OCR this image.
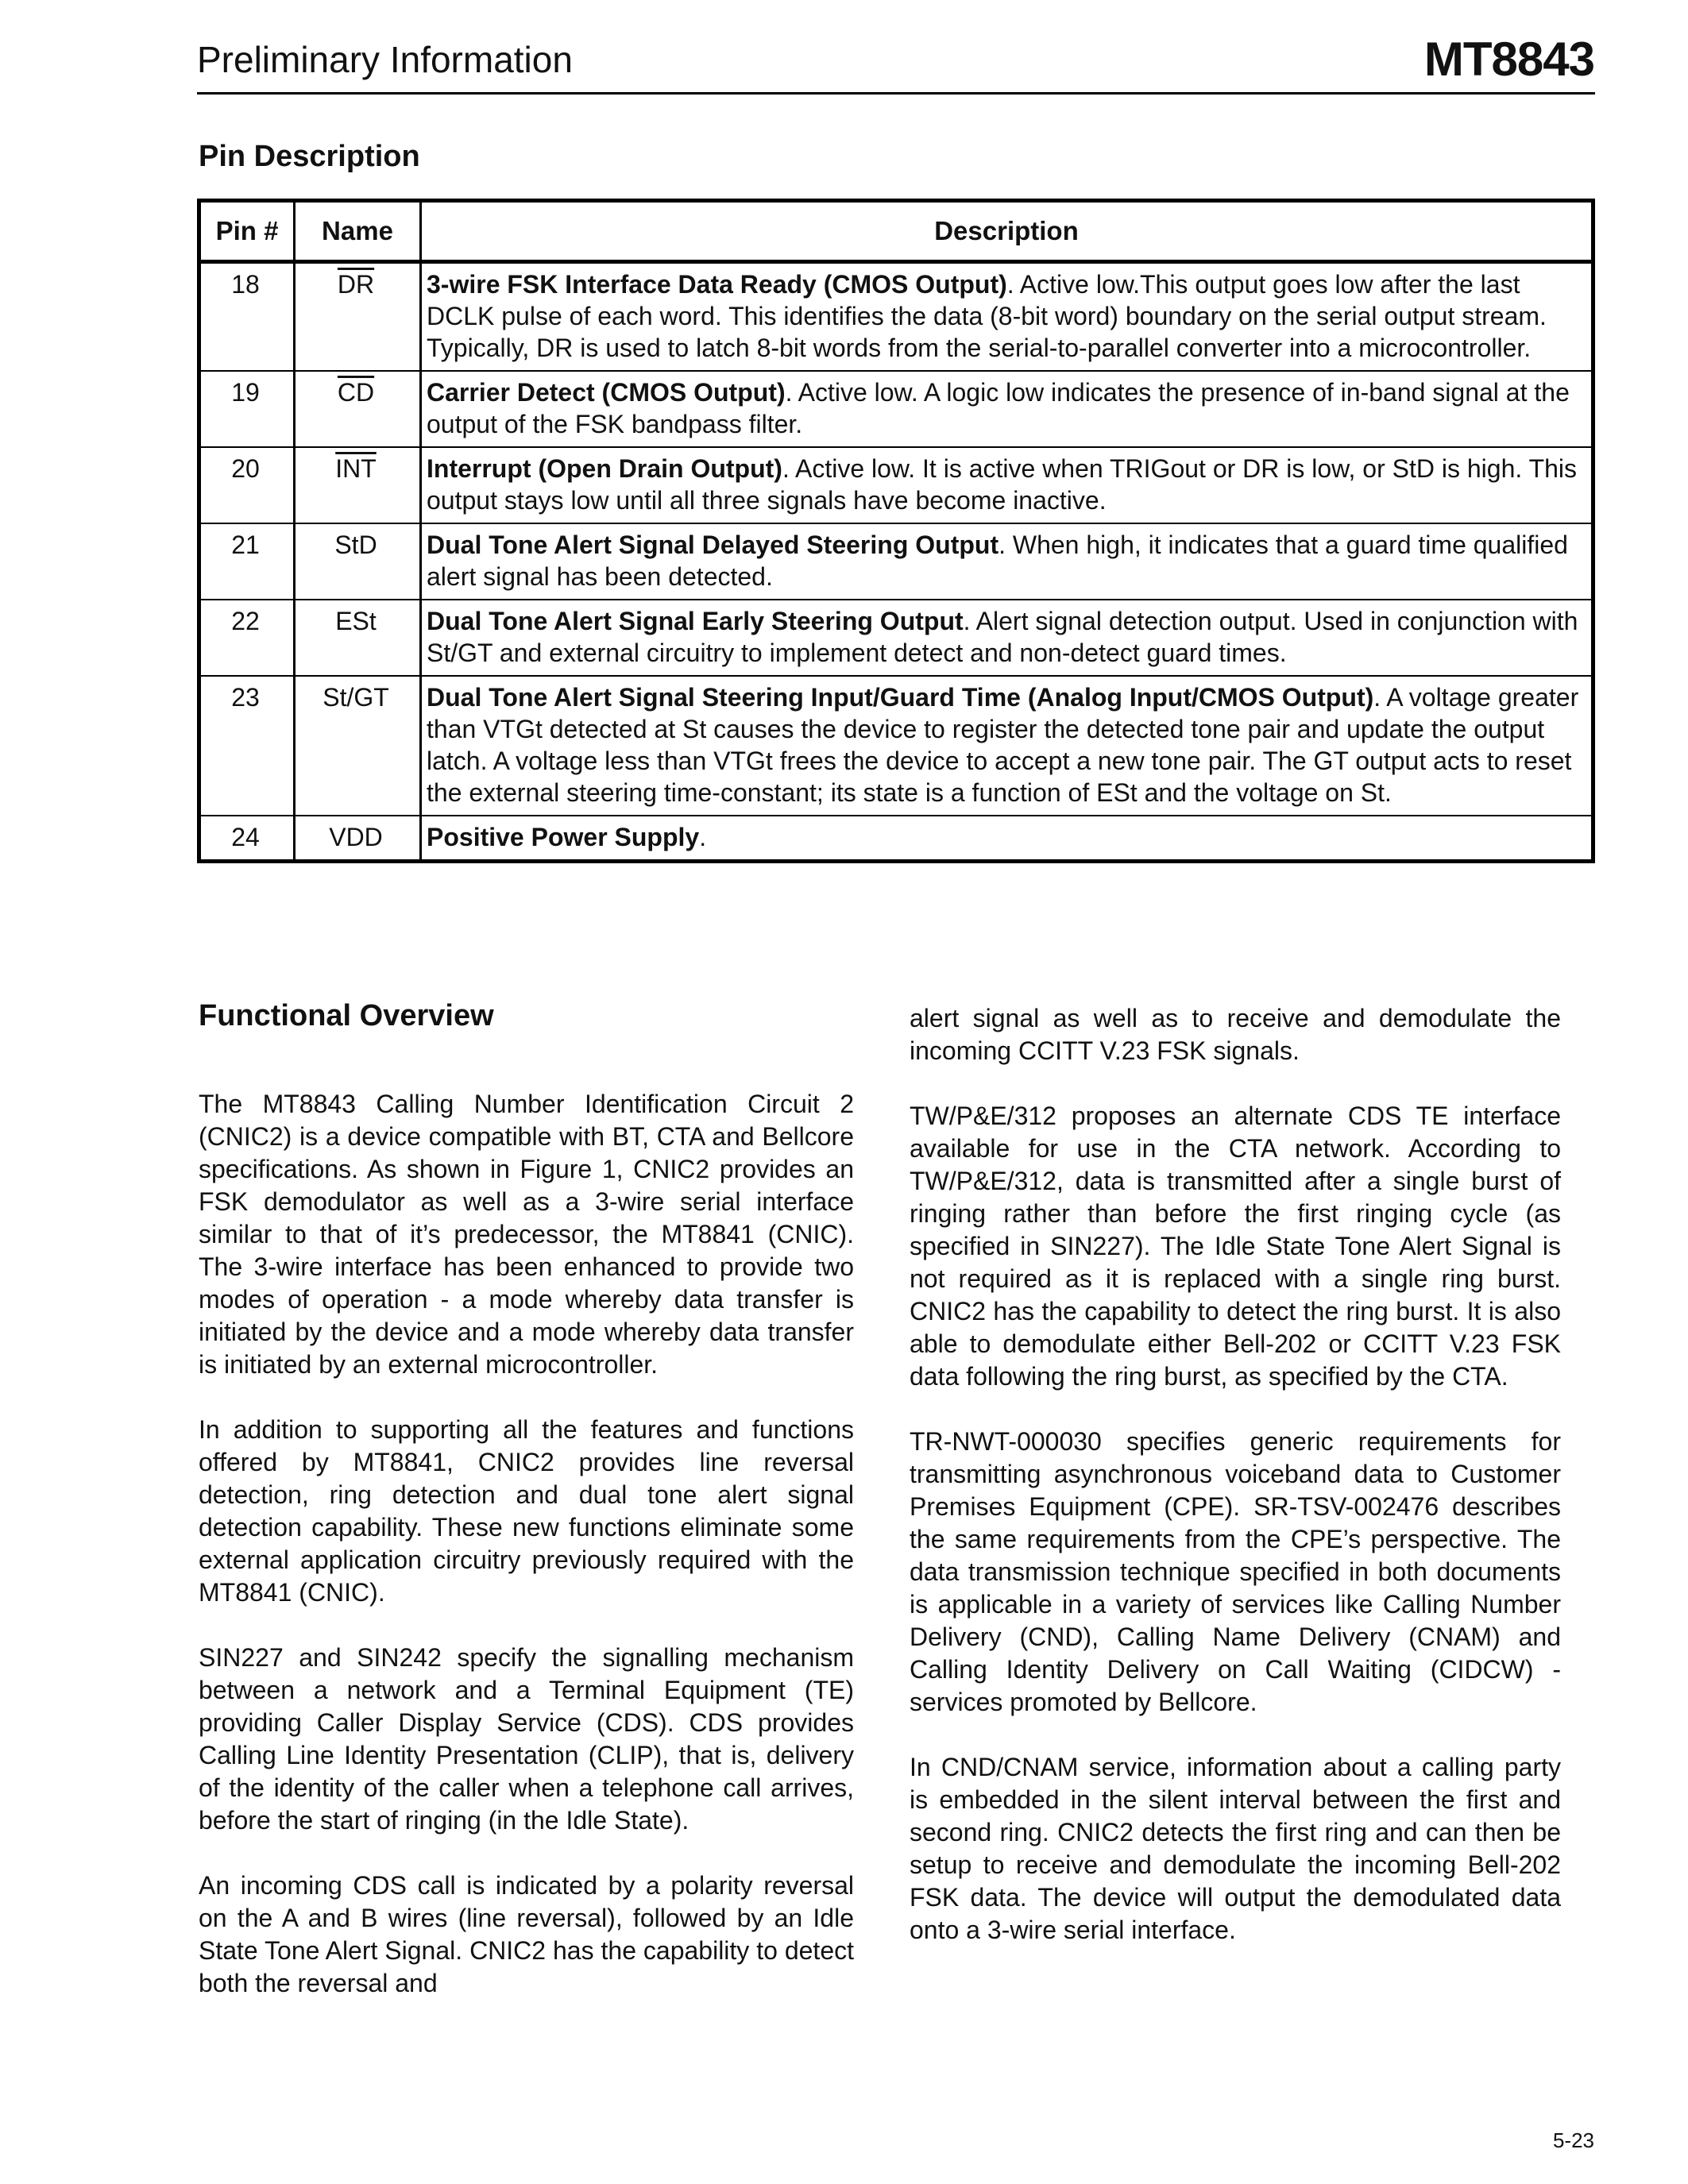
Preliminary Information	MT8843
Pin Description
Pin #	Name	Description
18	$\overline{DR}$	3-wire FSK Interface Data Ready (CMOS Output). Active low.This output goes low after the last DCLK pulse of each word. This identifies the data (8-bit word) boundary on the serial output stream. Typically, DR is used to latch 8-bit words from the serial-to-parallel converter into a microcontroller.
19	$\overline{CD}$	Carrier Detect (CMOS Output). Active low. A logic low indicates the presence of in-band signal at the output of the FSK bandpass filter.
20	$\overline{INT}$	Interrupt (Open Drain Output). Active low. It is active when TRIGout or DR is low, or StD is high. This output stays low until all three signals have become inactive.
21	StD	Dual Tone Alert Signal Delayed Steering Output. When high, it indicates that a guard time qualified alert signal has been detected.
22	ESt	Dual Tone Alert Signal Early Steering Output. Alert signal detection output. Used in conjunction with St/GT and external circuitry to implement detect and non-detect guard times.
23	St/GT	Dual Tone Alert Signal Steering Input/Guard Time (Analog Input/CMOS Output). A voltage greater than VTGt detected at St causes the device to register the detected tone pair and update the output latch. A voltage less than VTGt frees the device to accept a new tone pair. The GT output acts to reset the external steering time-constant; its state is a function of ESt and the voltage on St.
24	VDD	Positive Power Supply.
Functional Overview

The MT8843 Calling Number Identification Circuit 2 (CNIC2) is a device compatible with BT, CTA and Bellcore specifications. As shown in Figure 1, CNIC2 provides an FSK demodulator as well as a 3-wire serial interface similar to that of it’s predecessor, the MT8841 (CNIC). The 3-wire interface has been enhanced to provide two modes of operation - a mode whereby data transfer is initiated by the device and a mode whereby data transfer is initiated by an external microcontroller.

In addition to supporting all the features and functions offered by MT8841, CNIC2 provides line reversal detection, ring detection and dual tone alert signal detection capability. These new functions eliminate some external application circuitry previously required with the MT8841 (CNIC).

SIN227 and SIN242 specify the signalling mechanism between a network and a Terminal Equipment (TE) providing Caller Display Service (CDS). CDS provides Calling Line Identity Presentation (CLIP), that is, delivery of the identity of the caller when a telephone call arrives, before the start of ringing (in the Idle State).

An incoming CDS call is indicated by a polarity reversal on the A and B wires (line reversal), followed by an Idle State Tone Alert Signal. CNIC2 has the capability to detect both the reversal and

alert signal as well as to receive and demodulate the incoming CCITT V.23 FSK signals.

TW/P&E/312 proposes an alternate CDS TE interface available for use in the CTA network. According to TW/P&E/312, data is transmitted after a single burst of ringing rather than before the first ringing cycle (as specified in SIN227). The Idle State Tone Alert Signal is not required as it is replaced with a single ring burst. CNIC2 has the capability to detect the ring burst. It is also able to demodulate either Bell-202 or CCITT V.23 FSK data following the ring burst, as specified by the CTA.

TR-NWT-000030 specifies generic requirements for transmitting asynchronous voiceband data to Customer Premises Equipment (CPE). SR-TSV-002476 describes the same requirements from the CPE’s perspective. The data transmission technique specified in both documents is applicable in a variety of services like Calling Number Delivery (CND), Calling Name Delivery (CNAM) and Calling Identity Delivery on Call Waiting (CIDCW) - services promoted by Bellcore.

In CND/CNAM service, information about a calling party is embedded in the silent interval between the first and second ring. CNIC2 detects the first ring and can then be setup to receive and demodulate the incoming Bell-202 FSK data. The device will output the demodulated data onto a 3-wire serial interface.

5-23
